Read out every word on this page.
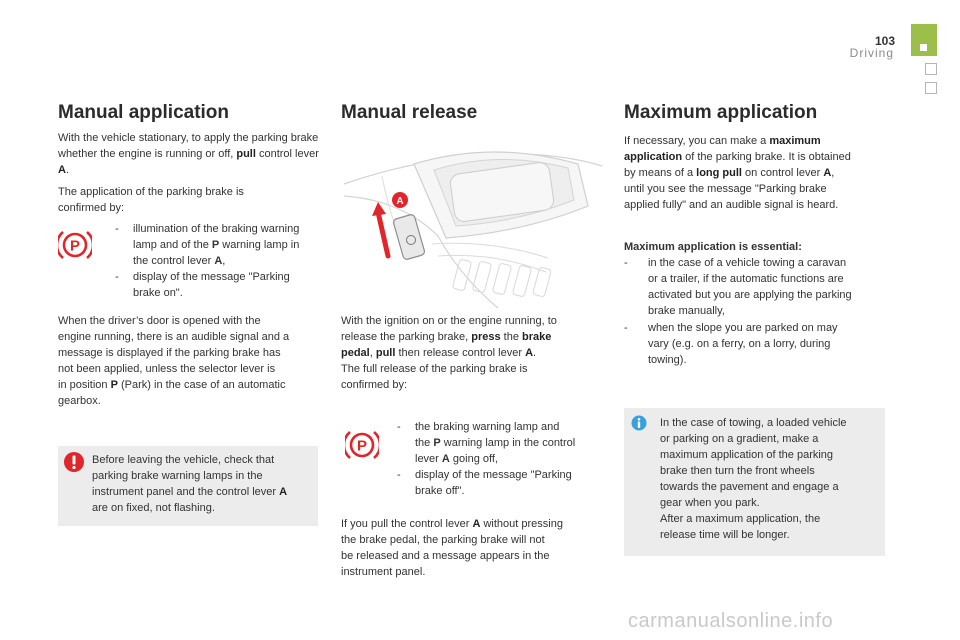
103
Driving
Manual application
With the vehicle stationary, to apply the parking brake whether the engine is running or off, pull control lever A.
The application of the parking brake is confirmed by:
P
- illumination of the braking warning
lamp and of the P warning lamp in
the control lever A,
- display of the message "Parking
brake on".
When the driver’s door is opened with the
engine running, there is an audible signal and a
message is displayed if the parking brake has
not been applied, unless the selector lever is
in position P (Park) in the case of an automatic
gearbox.
Before leaving the vehicle, check that
parking brake warning lamps in the
instrument panel and the control lever A
are on fixed, not flashing.
Manual release
A
With the ignition on or the engine running, to
release the parking brake, press the brake
pedal, pull then release control lever A.
The full release of the parking brake is
confirmed by:
P
- the braking warning lamp and
the P warning lamp in the control
lever A going off,
- display of the message "Parking
brake off".
If you pull the control lever A without pressing
the brake pedal, the parking brake will not
be released and a message appears in the
instrument panel.
Maximum application
If necessary, you can make a maximum
application of the parking brake. It is obtained
by means of a long pull on control lever A,
until you see the message "Parking brake
applied fully" and an audible signal is heard.
Maximum application is essential:
- in the case of a vehicle towing a caravan
or a trailer, if the automatic functions are
activated but you are applying the parking
brake manually,
- when the slope you are parked on may
vary (e.g. on a ferry, on a lorry, during
towing).
In the case of towing, a loaded vehicle
or parking on a gradient, make a
maximum application of the parking
brake then turn the front wheels
towards the pavement and engage a
gear when you park.
After a maximum application, the
release time will be longer.
carmanualsonline.info
